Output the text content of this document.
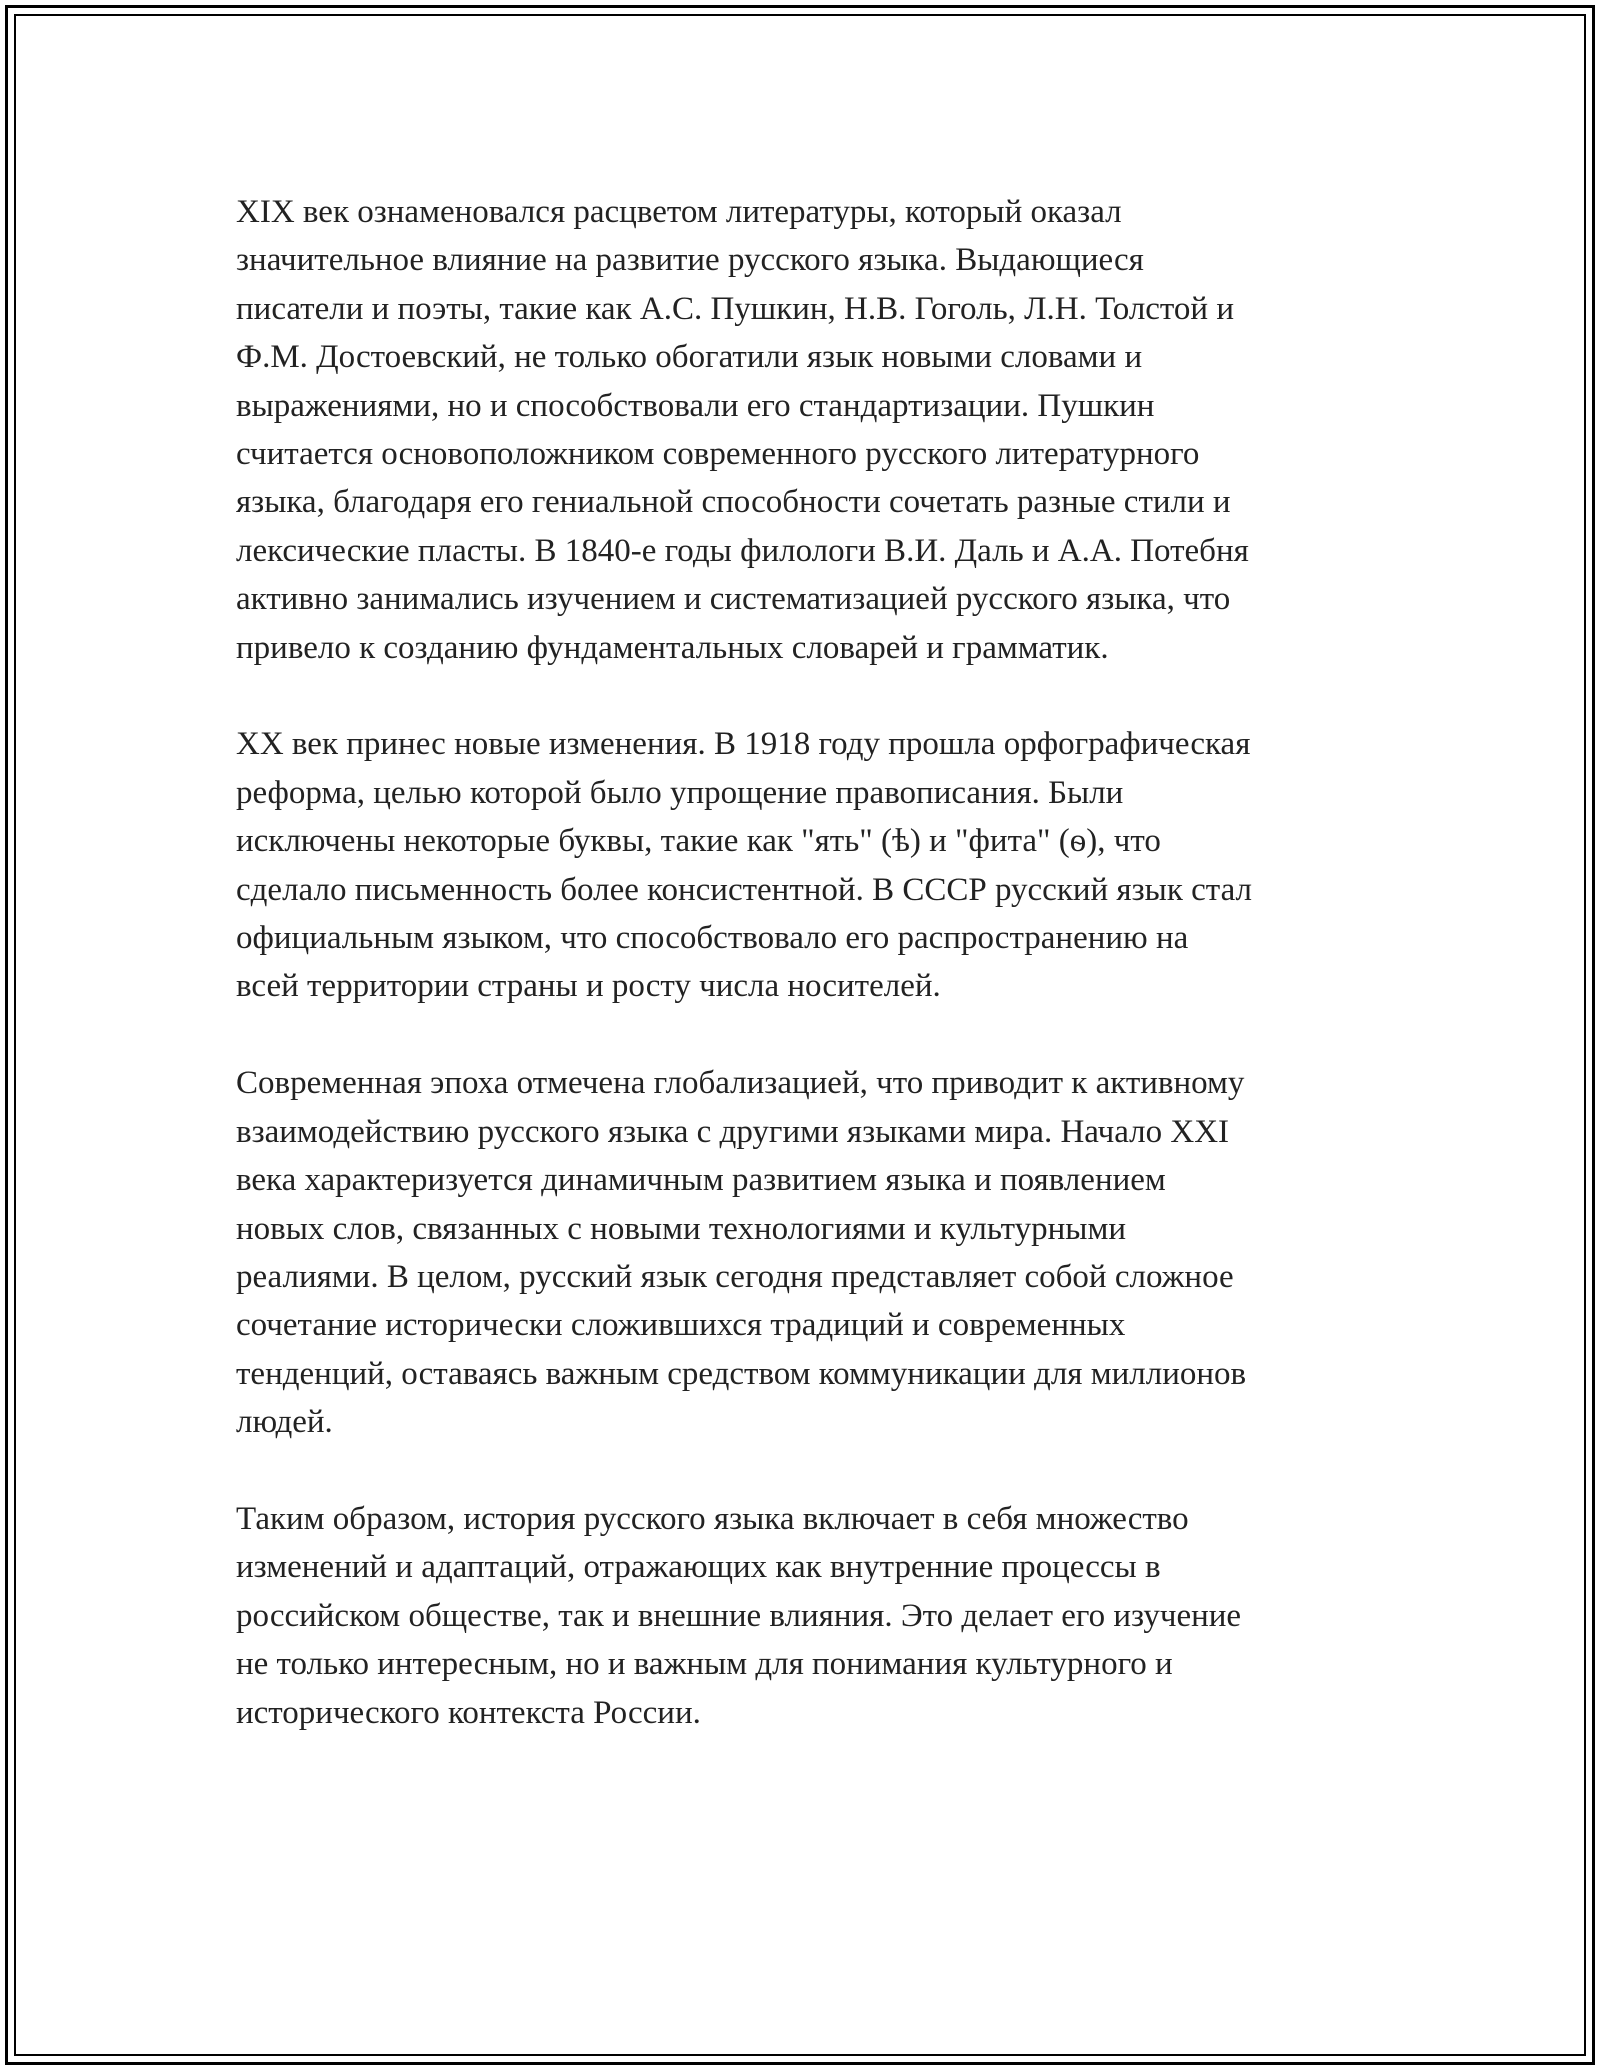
XIX век ознаменовался расцветом литературы, который оказал
значительное влияние на развитие русского языка. Выдающиеся
писатели и поэты, такие как А.С. Пушкин, Н.В. Гоголь, Л.Н. Толстой и
Ф.М. Достоевский, не только обогатили язык новыми словами и
выражениями, но и способствовали его стандартизации. Пушкин
считается основоположником современного русского литературного
языка, благодаря его гениальной способности сочетать разные стили и
лексические пласты. В 1840-е годы филологи В.И. Даль и А.А. Потебня
активно занимались изучением и систематизацией русского языка, что
привело к созданию фундаментальных словарей и грамматик.

XX век принес новые изменения. В 1918 году прошла орфографическая
реформа, целью которой было упрощение правописания. Были
исключены некоторые буквы, такие как "ять" (ѣ) и "фита" (ѳ), что
сделало письменность более консистентной. В СССР русский язык стал
официальным языком, что способствовало его распространению на
всей территории страны и росту числа носителей.

Современная эпоха отмечена глобализацией, что приводит к активному
взаимодействию русского языка с другими языками мира. Начало XXI
века характеризуется динамичным развитием языка и появлением
новых слов, связанных с новыми технологиями и культурными
реалиями. В целом, русский язык сегодня представляет собой сложное
сочетание исторически сложившихся традиций и современных
тенденций, оставаясь важным средством коммуникации для миллионов
людей.

Таким образом, история русского языка включает в себя множество
изменений и адаптаций, отражающих как внутренние процессы в
российском обществе, так и внешние влияния. Это делает его изучение
не только интересным, но и важным для понимания культурного и
исторического контекста России.
